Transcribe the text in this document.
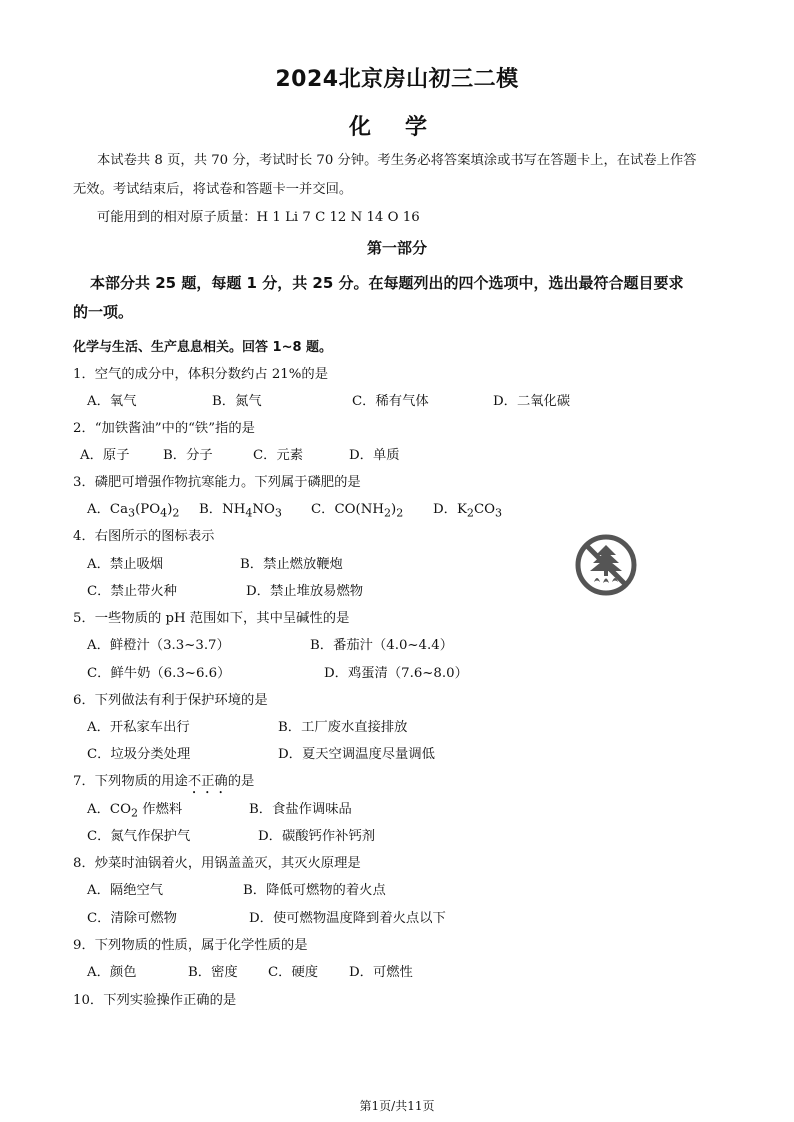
2024北京房山初三二模
化学
本试卷共 8 页，共 70 分，考试时长 70 分钟。考生务必将答案填涂或书写在答题卡上，在试卷上作答
无效。考试结束后，将试卷和答题卡一并交回。
可能用到的相对原子质量：H 1 Li 7 C 12 N 14 O 16
第一部分
本部分共 25 题，每题 1 分，共 25 分。在每题列出的四个选项中，选出最符合题目要求
的一项。
化学与生活、生产息息相关。回答 1~8 题。
1．空气的成分中，体积分数约占 21%的是
A．氧气	B．氮气	C．稀有气体	D．二氧化碳
2．“加铁酱油”中的“铁”指的是
A．原子	B．分子	C．元素	D．单质
3．磷肥可增强作物抗寒能力。下列属于磷肥的是
A．$Ca_3(PO_4)_2$ B．$NH_4NO_3$ C．$CO(NH_2)_2$ D．$K_2CO_3$
4．右图所示的图标表示
A．禁止吸烟	B．禁止燃放鞭炮
C．禁止带火种	D．禁止堆放易燃物
5．一些物质的 pH 范围如下，其中呈碱性的是
A．鲜橙汁（3.3~3.7）	B．番茄汁（4.0~4.4）
C．鲜牛奶（6.3~6.6）	D．鸡蛋清（7.6~8.0）
6．下列做法有利于保护环境的是
A．开私家车出行	B．工厂废水直接排放
C．垃圾分类处理	D．夏天空调温度尽量调低
7．下列物质的用途不正确的是
A．$CO_2$ 作燃料	B．食盐作调味品
C．氮气作保护气	D．碳酸钙作补钙剂
8．炒菜时油锅着火，用锅盖盖灭，其灭火原理是
A．隔绝空气	B．降低可燃物的着火点
C．清除可燃物	D．使可燃物温度降到着火点以下
9．下列物质的性质，属于化学性质的是
A．颜色	B．密度 C．硬度 D．可燃性
10．下列实验操作正确的是
第1页/共11页
